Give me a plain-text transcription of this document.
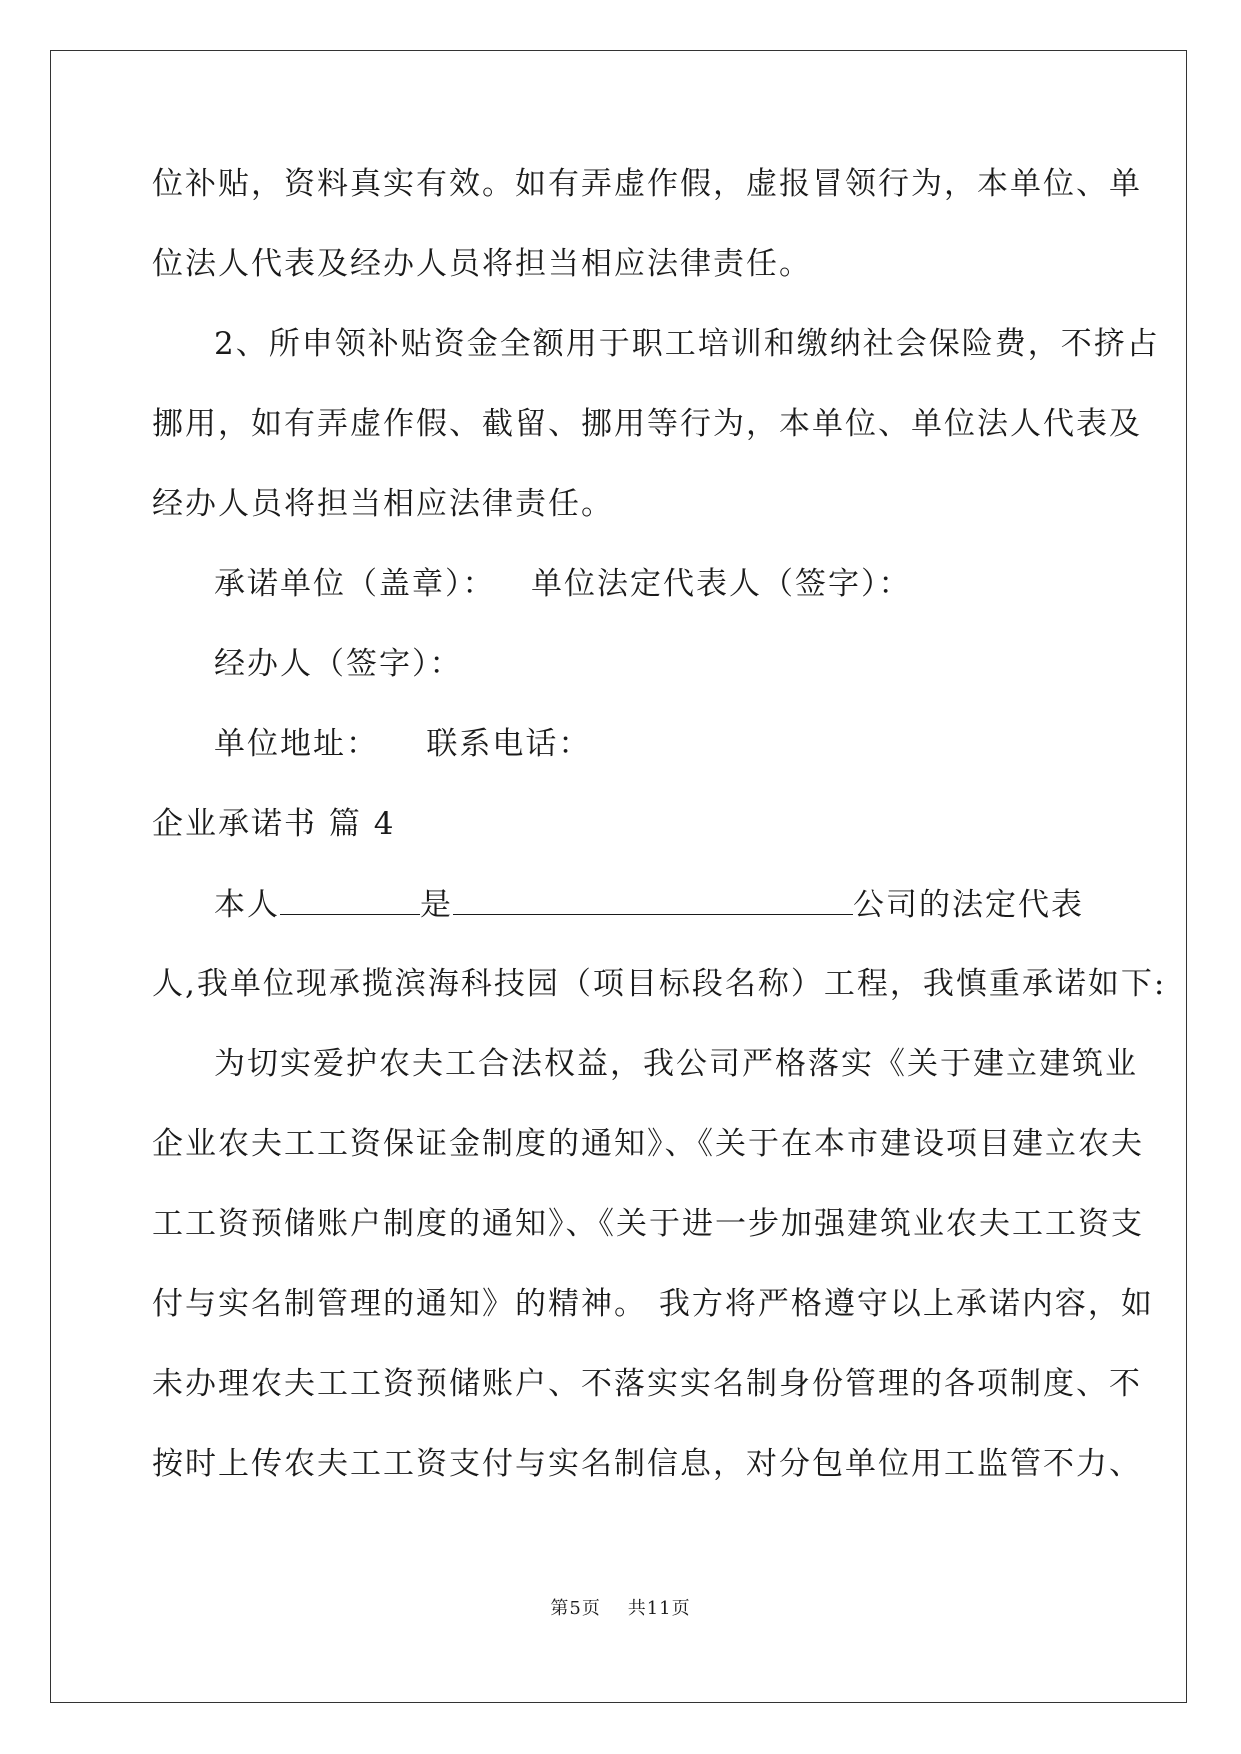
位补贴，资料真实有效。如有弄虚作假，虚报冒领行为，本单位、单
位法人代表及经办人员将担当相应法律责任。
2、所申领补贴资金全额用于职工培训和缴纳社会保险费，不挤占
挪用，如有弄虚作假、截留、挪用等行为，本单位、单位法人代表及
经办人员将担当相应法律责任。
承诺单位（盖章）：   单位法定代表人（签字）：
经办人（签字）：
单位地址：    联系电话：
企业承诺书 篇 4
本人	是	公司的法定代表
人,我单位现承揽滨海科技园（项目标段名称）工程，我慎重承诺如下:
为切实爱护农夫工合法权益，我公司严格落实《关于建立建筑业
企业农夫工工资保证金制度的通知》、《关于在本市建设项目建立农夫
工工资预储账户制度的通知》、《关于进一步加强建筑业农夫工工资支
付与实名制管理的通知》的精神。 我方将严格遵守以上承诺内容，如
未办理农夫工工资预储账户、不落实实名制身份管理的各项制度、不
按时上传农夫工工资支付与实名制信息，对分包单位用工监管不力、
第5页    共11页
